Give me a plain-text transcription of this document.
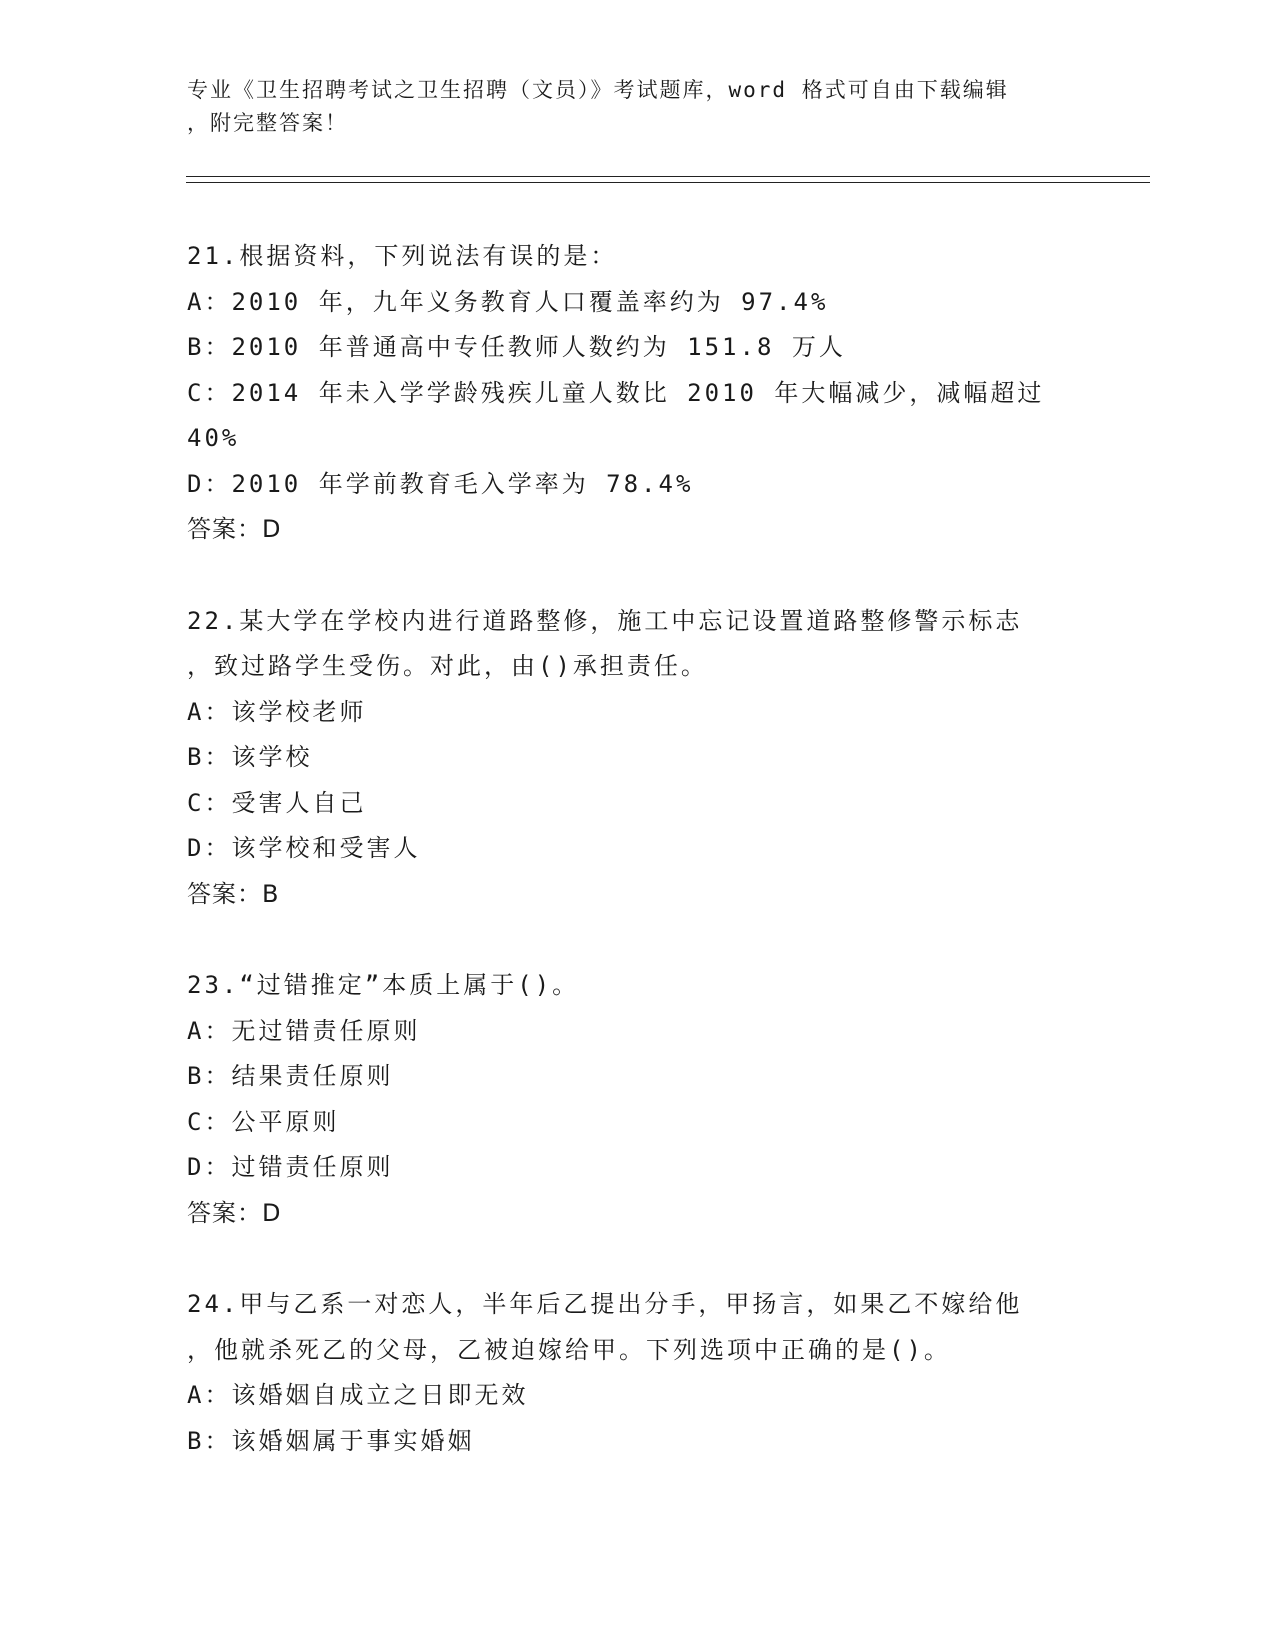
专业《卫生招聘考试之卫生招聘（文员）》考试题库，word 格式可自由下载编辑
，附完整答案！
21.根据资料，下列说法有误的是：
A：2010 年，九年义务教育人口覆盖率约为 97.4%
B：2010 年普通高中专任教师人数约为 151.8 万人
C：2014 年未入学学龄残疾儿童人数比 2010 年大幅减少，减幅超过
40%
D：2010 年学前教育毛入学率为 78.4%
答案：D
22.某大学在学校内进行道路整修，施工中忘记设置道路整修警示标志
，致过路学生受伤。对此，由()承担责任。
A：该学校老师
B：该学校
C：受害人自己
D：该学校和受害人
答案：B
23.“过错推定”本质上属于()。
A：无过错责任原则
B：结果责任原则
C：公平原则
D：过错责任原则
答案：D
24.甲与乙系一对恋人，半年后乙提出分手，甲扬言，如果乙不嫁给他
，他就杀死乙的父母，乙被迫嫁给甲。下列选项中正确的是()。
A：该婚姻自成立之日即无效
B：该婚姻属于事实婚姻
